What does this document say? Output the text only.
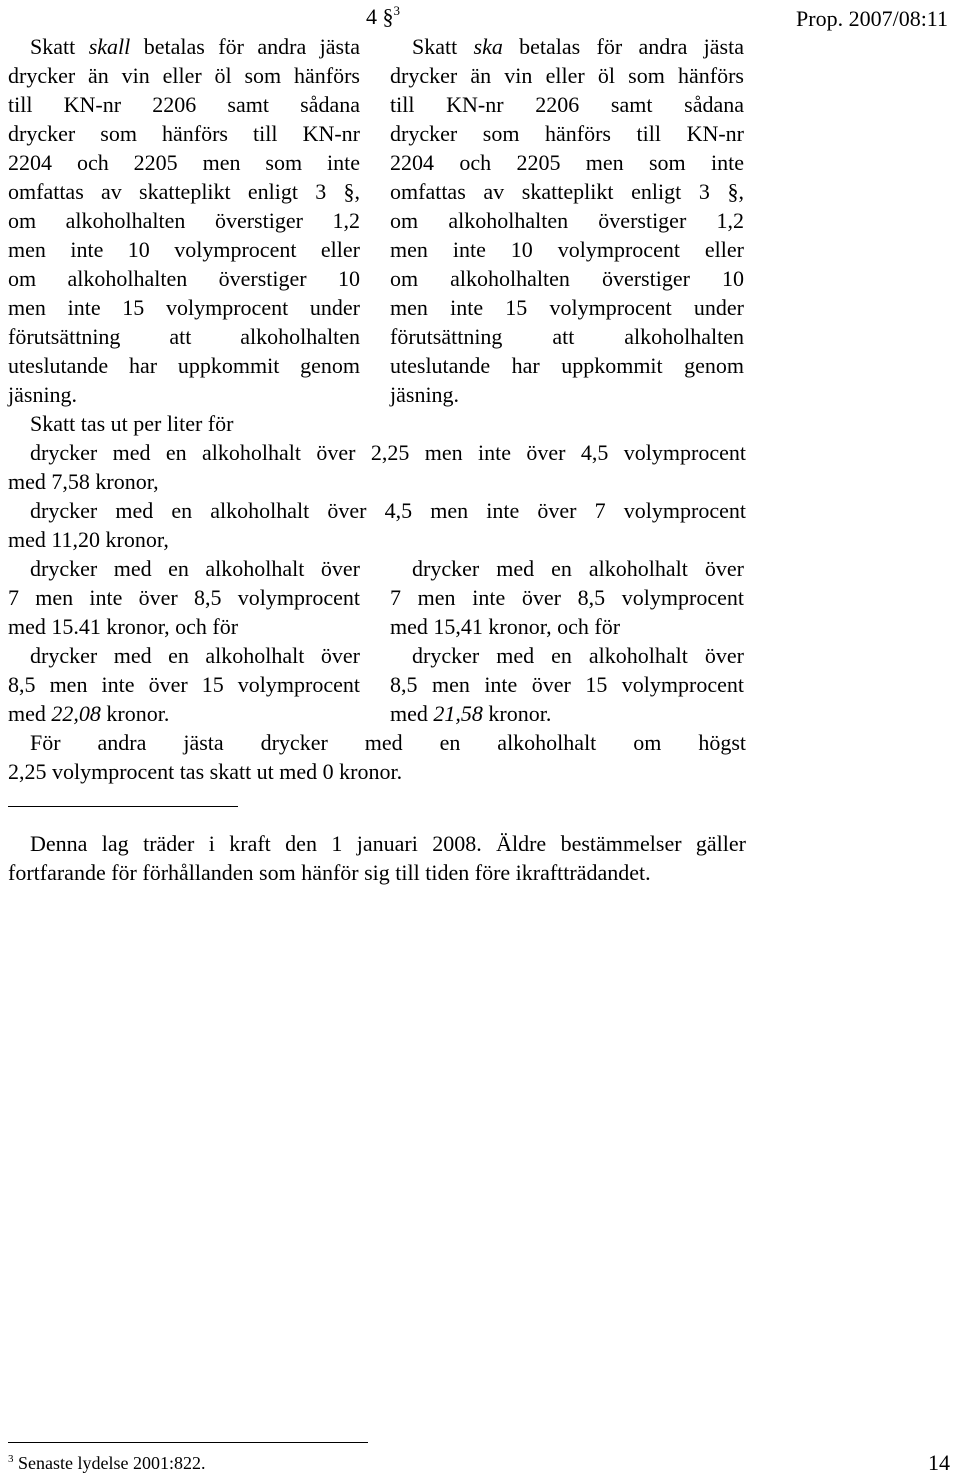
4 §$^3$	Prop. 2007/08:11
Skatt skall betalas för andra jästa
drycker än vin eller öl som hänförs
till KN-nr 2206 samt sådana
drycker som hänförs till KN-nr
2204 och 2205 men som inte
omfattas av skatteplikt enligt 3 §,
om alkoholhalten överstiger 1,2
men inte 10 volymprocent eller
om alkoholhalten överstiger 10
men inte 15 volymprocent under
förutsättning att alkoholhalten
uteslutande har uppkommit genom
jäsning.
Skatt ska betalas för andra jästa
drycker än vin eller öl som hänförs
till KN-nr 2206 samt sådana
drycker som hänförs till KN-nr
2204 och 2205 men som inte
omfattas av skatteplikt enligt 3 §,
om alkoholhalten överstiger 1,2
men inte 10 volymprocent eller
om alkoholhalten överstiger 10
men inte 15 volymprocent under
förutsättning att alkoholhalten
uteslutande har uppkommit genom
jäsning.
Skatt tas ut per liter för
drycker med en alkoholhalt över 2,25 men inte över 4,5 volymprocent
med 7,58 kronor,
drycker med en alkoholhalt över 4,5 men inte över 7 volymprocent
med 11,20 kronor,
drycker med en alkoholhalt över
7 men inte över 8,5 volymprocent
med 15.41 kronor, och för
drycker med en alkoholhalt över
8,5 men inte över 15 volymprocent
med 22,08 kronor.
drycker med en alkoholhalt över
7 men inte över 8,5 volymprocent
med 15,41 kronor, och för
drycker med en alkoholhalt över
8,5 men inte över 15 volymprocent
med 21,58 kronor.
För andra jästa drycker med en alkoholhalt om högst
2,25 volymprocent tas skatt ut med 0 kronor.
Denna lag träder i kraft den 1 januari 2008. Äldre bestämmelser gäller
fortfarande för förhållanden som hänför sig till tiden före ikraftträdandet.
$^3$ Senaste lydelse 2001:822.	14
